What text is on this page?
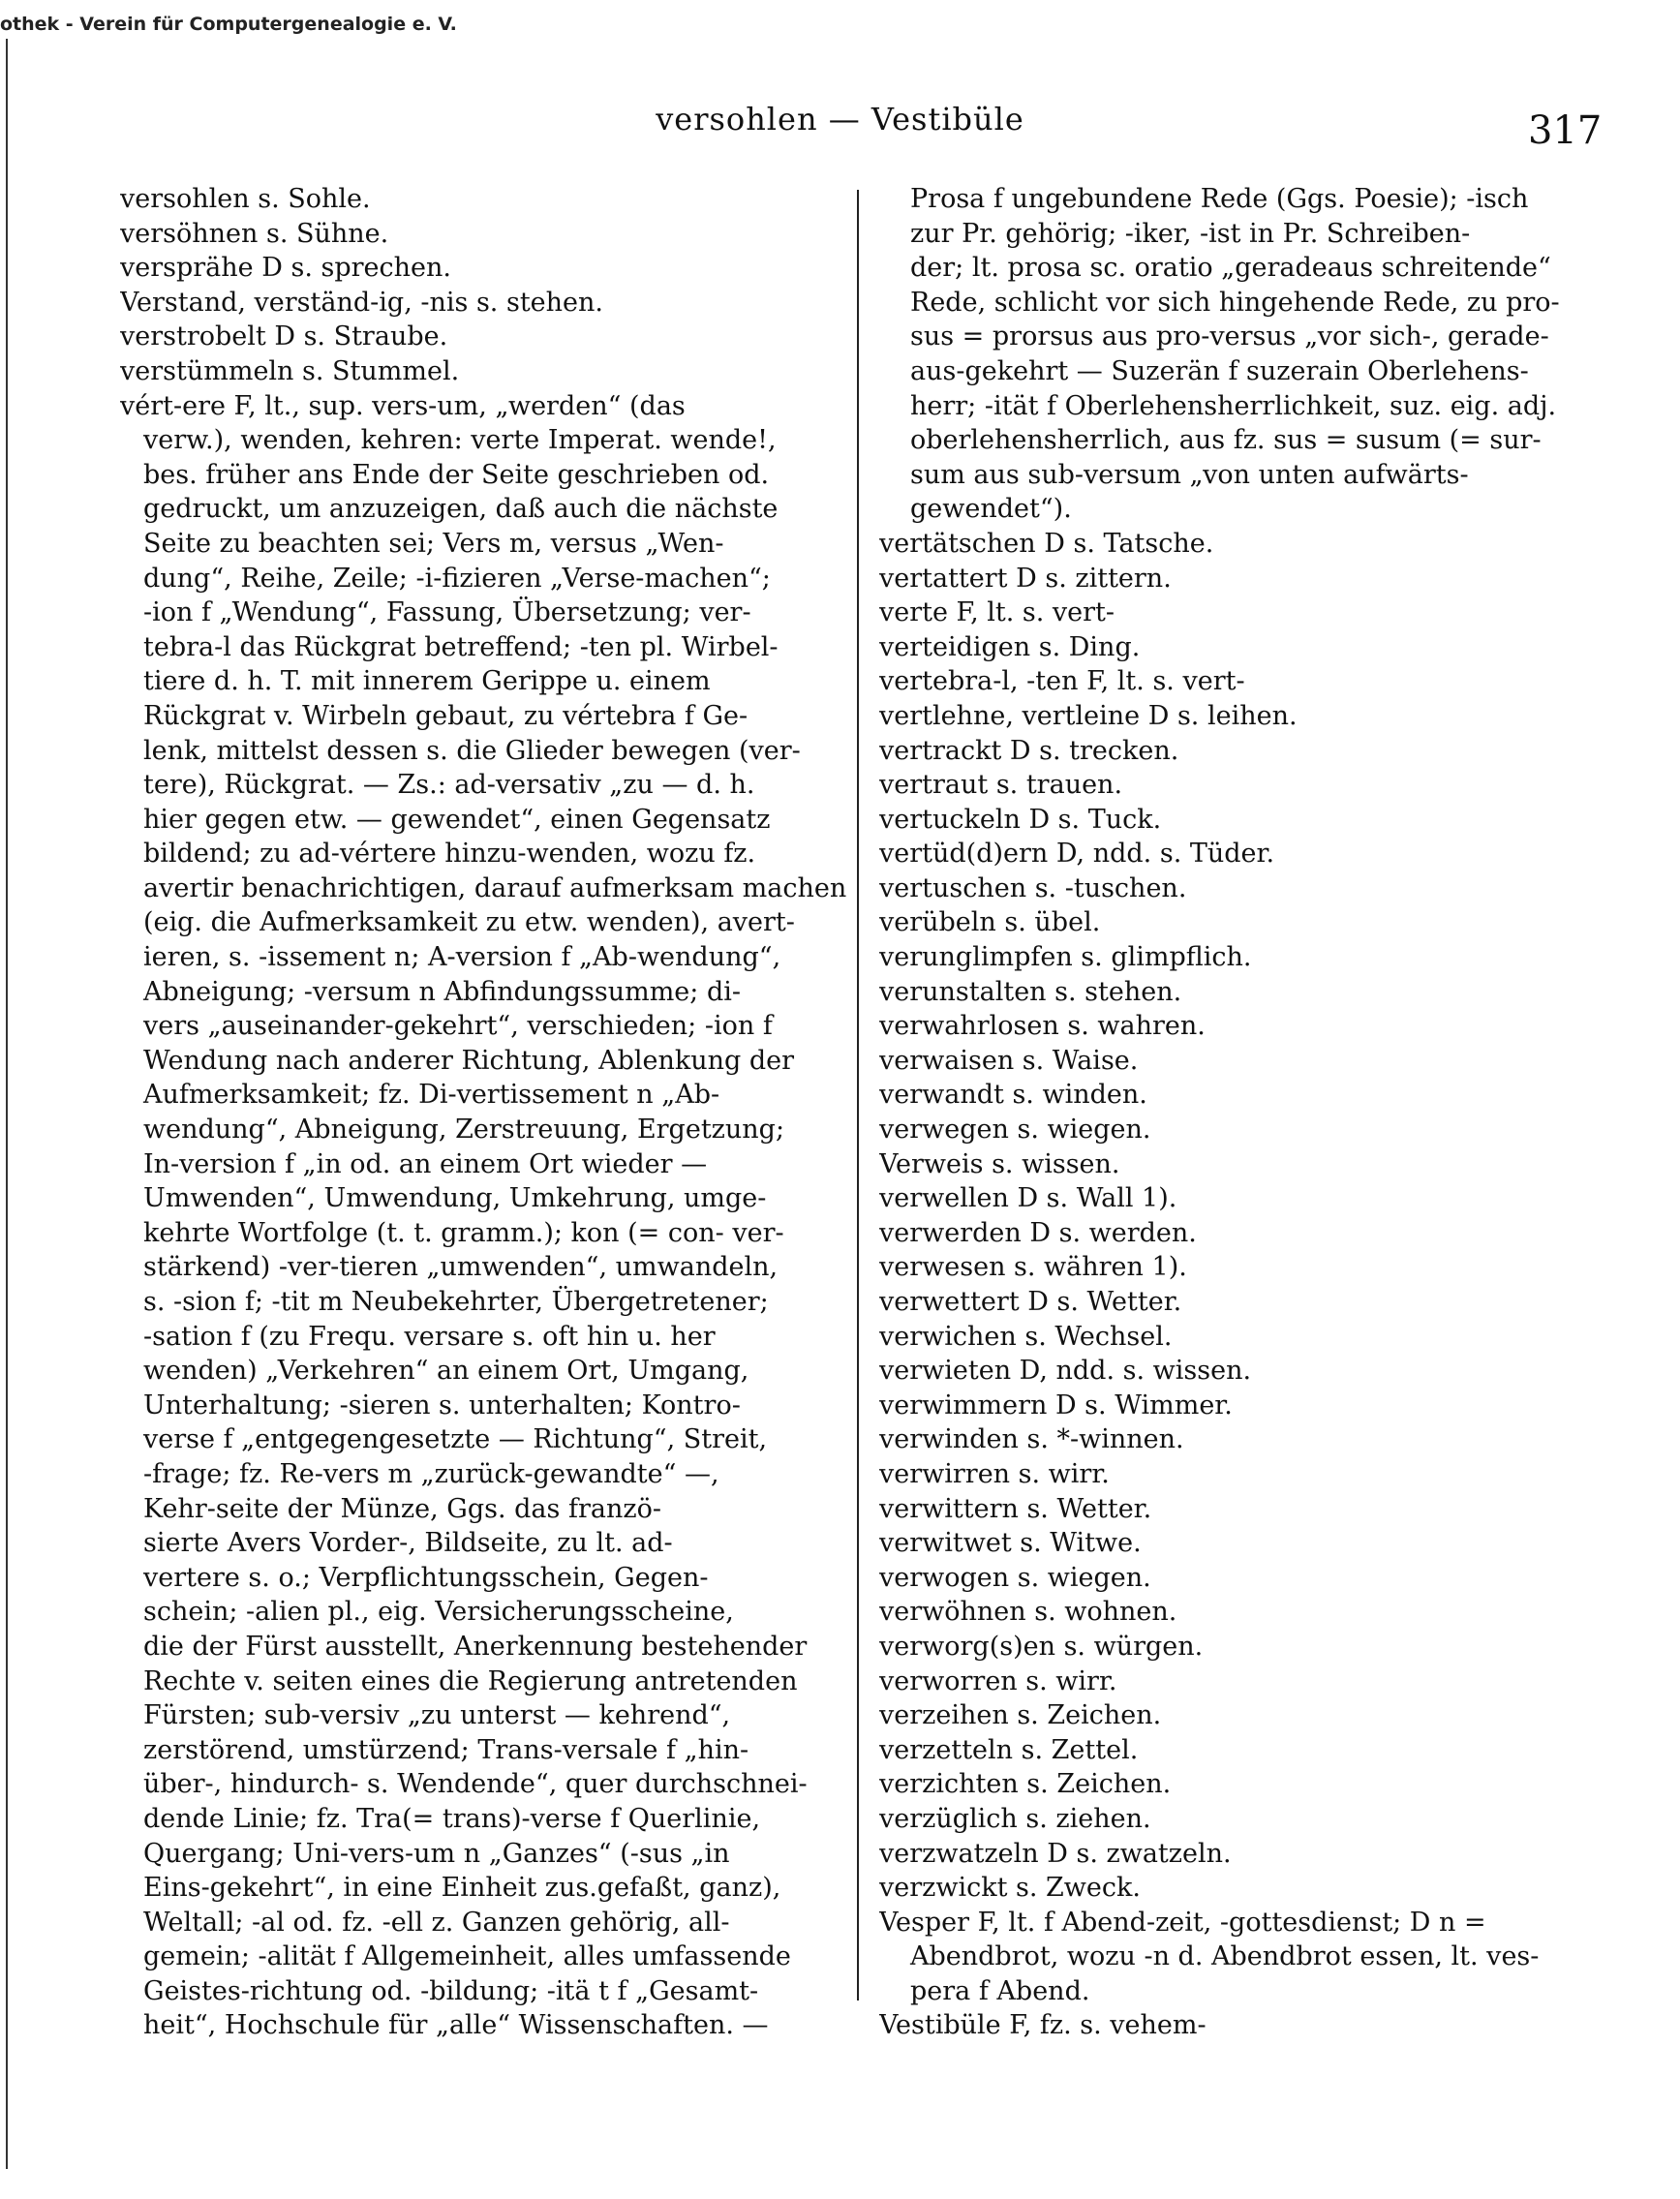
othek - Verein für Computergenealogie e. V.
versohlen — Vestibüle	317
versohlen s. Sohle.
versöhnen s. Sühne.
versprähe D s. sprechen.
Verstand, verständ-ig, -nis s. stehen.
verstrobelt D s. Straube.
verstümmeln s. Stummel.
vért-ere F, lt., sup. vers-um, „werden“ (das
verw.), wenden, kehren: verte Imperat. wende!,
bes. früher ans Ende der Seite geschrieben od.
gedruckt, um anzuzeigen, daß auch die nächste
Seite zu beachten sei; Vers m, versus „Wen-
dung“, Reihe, Zeile; -i-fizieren „Verse-machen“;
-ion f „Wendung“, Fassung, Übersetzung; ver-
tebra-l das Rückgrat betreffend; -ten pl. Wirbel-
tiere d. h. T. mit innerem Gerippe u. einem
Rückgrat v. Wirbeln gebaut, zu vértebra f Ge-
lenk, mittelst dessen s. die Glieder bewegen (ver-
tere), Rückgrat. — Zs.: ad-versativ „zu — d. h.
hier gegen etw. — gewendet“, einen Gegensatz
bildend; zu ad-vértere hinzu-wenden, wozu fz.
avertir benachrichtigen, darauf aufmerksam machen
(eig. die Aufmerksamkeit zu etw. wenden), avert-
ieren, s. -issement n; A-version f „Ab-wendung“,
Abneigung; -versum n Abfindungssumme; di-
vers „auseinander-gekehrt“, verschieden; -ion f
Wendung nach anderer Richtung, Ablenkung der
Aufmerksamkeit; fz. Di-vertissement n „Ab-
wendung“, Abneigung, Zerstreuung, Ergetzung;
In-version f „in od. an einem Ort wieder —
Umwenden“, Umwendung, Umkehrung, umge-
kehrte Wortfolge (t. t. gramm.); kon (= con- ver-
stärkend) -ver-tieren „umwenden“, umwandeln,
s. -sion f; -tit m Neubekehrter, Übergetretener;
-sation f (zu Frequ. versare s. oft hin u. her
wenden) „Verkehren“ an einem Ort, Umgang,
Unterhaltung; -sieren s. unterhalten; Kontro-
verse f „entgegengesetzte — Richtung“, Streit,
-frage; fz. Re-vers m „zurück-gewandte“ —,
Kehr-seite der Münze, Ggs. das franzö-
sierte Avers Vorder-, Bildseite, zu lt. ad-
vertere s. o.; Verpflichtungsschein, Gegen-
schein; -alien pl., eig. Versicherungsscheine,
die der Fürst ausstellt, Anerkennung bestehender
Rechte v. seiten eines die Regierung antretenden
Fürsten; sub-versiv „zu unterst — kehrend“,
zerstörend, umstürzend; Trans-versale f „hin-
über-, hindurch- s. Wendende“, quer durchschnei-
dende Linie; fz. Tra(= trans)-verse f Querlinie,
Quergang; Uni-vers-um n „Ganzes“ (-sus „in
Eins-gekehrt“, in eine Einheit zus.gefaßt, ganz),
Weltall; -al od. fz. -ell z. Ganzen gehörig, all-
gemein; -alität f Allgemeinheit, alles umfassende
Geistes-richtung od. -bildung; -itä t f „Gesamt-
heit“, Hochschule für „alle“ Wissenschaften. —
Prosa f ungebundene Rede (Ggs. Poesie); -isch
zur Pr. gehörig; -iker, -ist in Pr. Schreiben-
der; lt. prosa sc. oratio „geradeaus schreitende“
Rede, schlicht vor sich hingehende Rede, zu pro-
sus = prorsus aus pro-versus „vor sich-, gerade-
aus-gekehrt — Suzerän f suzerain Oberlehens-
herr; -ität f Oberlehensherrlichkeit, suz. eig. adj.
oberlehensherrlich, aus fz. sus = susum (= sur-
sum aus sub-versum „von unten aufwärts-
gewendet“).
vertätschen D s. Tatsche.
vertattert D s. zittern.
verte F, lt. s. vert-
verteidigen s. Ding.
vertebra-l, -ten F, lt. s. vert-
vertlehne, vertleine D s. leihen.
vertrackt D s. trecken.
vertraut s. trauen.
vertuckeln D s. Tuck.
vertüd(d)ern D, ndd. s. Tüder.
vertuschen s. -tuschen.
verübeln s. übel.
verunglimpfen s. glimpflich.
verunstalten s. stehen.
verwahrlosen s. wahren.
verwaisen s. Waise.
verwandt s. winden.
verwegen s. wiegen.
Verweis s. wissen.
verwellen D s. Wall 1).
verwerden D s. werden.
verwesen s. währen 1).
verwettert D s. Wetter.
verwichen s. Wechsel.
verwieten D, ndd. s. wissen.
verwimmern D s. Wimmer.
verwinden s. *-winnen.
verwirren s. wirr.
verwittern s. Wetter.
verwitwet s. Witwe.
verwogen s. wiegen.
verwöhnen s. wohnen.
verworg(s)en s. würgen.
verworren s. wirr.
verzeihen s. Zeichen.
verzetteln s. Zettel.
verzichten s. Zeichen.
verzüglich s. ziehen.
verzwatzeln D s. zwatzeln.
verzwickt s. Zweck.
Vesper F, lt. f Abend-zeit, -gottesdienst; D n =
Abendbrot, wozu -n d. Abendbrot essen, lt. ves-
pera f Abend.
Vestibüle F, fz. s. vehem-
